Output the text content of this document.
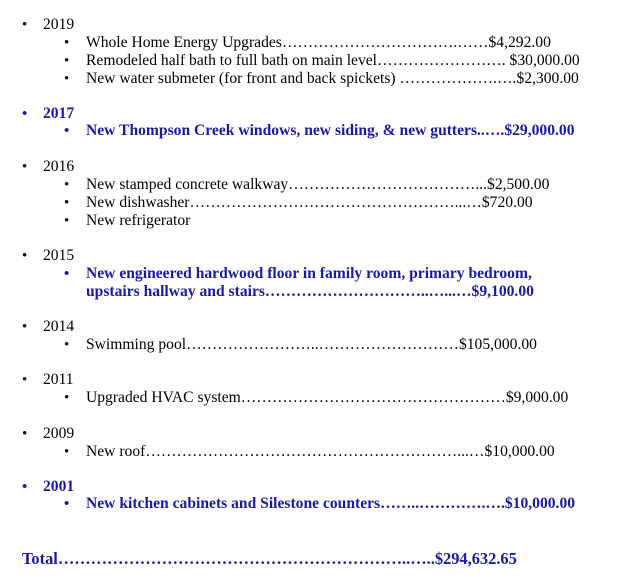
•	2019
• Whole Home Energy Upgrades…………………………….……$4,292.00
• Remodeled half bath to full bath on main level……………………. $30,000.00
• New water submeter (for front and back spickets) ……………….….$2,300.00
•	2017
• New Thompson Creek windows, new siding, & new gutters..….$29,000.00
•	2016
• New stamped concrete walkway………………………………...$2,500.00
• New dishwasher……………………………………………...…$720.00
• New refrigerator
•	2015
• New engineered hardwood floor in family room, primary bedroom,
upstairs hallway and stairs…………………………..…...…$9,100.00
•	2014
• Swimming pool……………………..………………………$105,000.00
•	2011
• Upgraded HVAC system……………………………………………$9,000.00
•	2009
• New roof……………………………………………………...…$10,000.00
•	2001
• New kitchen cabinets and Silestone counters……..………….….$10,000.00
Total………………………………………………………..…..$294,632.65
